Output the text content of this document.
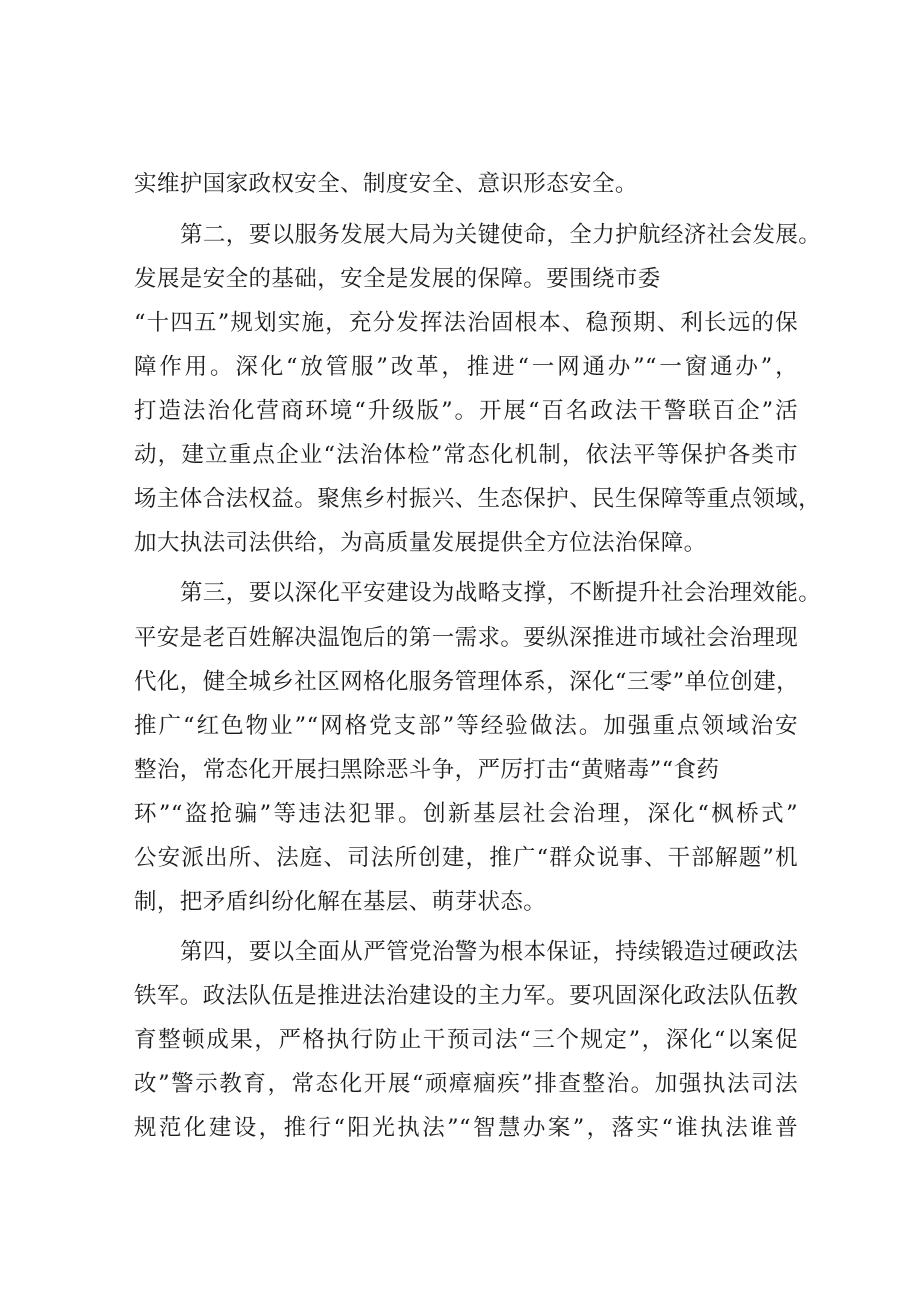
实维护国家政权安全、制度安全、意识形态安全。
第二，要以服务发展大局为关键使命，全力护航经济社会发展。
发展是安全的基础，安全是发展的保障。要围绕市委
“十四五”规划实施，充分发挥法治固根本、稳预期、利长远的保
障作用。深化“放管服”改革，推进“一网通办”“一窗通办”，
打造法治化营商环境“升级版”。开展“百名政法干警联百企”活
动，建立重点企业“法治体检”常态化机制，依法平等保护各类市
场主体合法权益。聚焦乡村振兴、生态保护、民生保障等重点领域，
加大执法司法供给，为高质量发展提供全方位法治保障。
第三，要以深化平安建设为战略支撑，不断提升社会治理效能。
平安是老百姓解决温饱后的第一需求。要纵深推进市域社会治理现
代化，健全城乡社区网格化服务管理体系，深化“三零”单位创建，
推广“红色物业”“网格党支部”等经验做法。加强重点领域治安
整治，常态化开展扫黑除恶斗争，严厉打击“黄赌毒”“食药
环”“盗抢骗”等违法犯罪。创新基层社会治理，深化“枫桥式”
公安派出所、法庭、司法所创建，推广“群众说事、干部解题”机
制，把矛盾纠纷化解在基层、萌芽状态。
第四，要以全面从严管党治警为根本保证，持续锻造过硬政法
铁军。政法队伍是推进法治建设的主力军。要巩固深化政法队伍教
育整顿成果，严格执行防止干预司法“三个规定”，深化“以案促
改”警示教育，常态化开展“顽瘴痼疾”排查整治。加强执法司法
规范化建设，推行“阳光执法”“智慧办案”，落实“谁执法谁普
